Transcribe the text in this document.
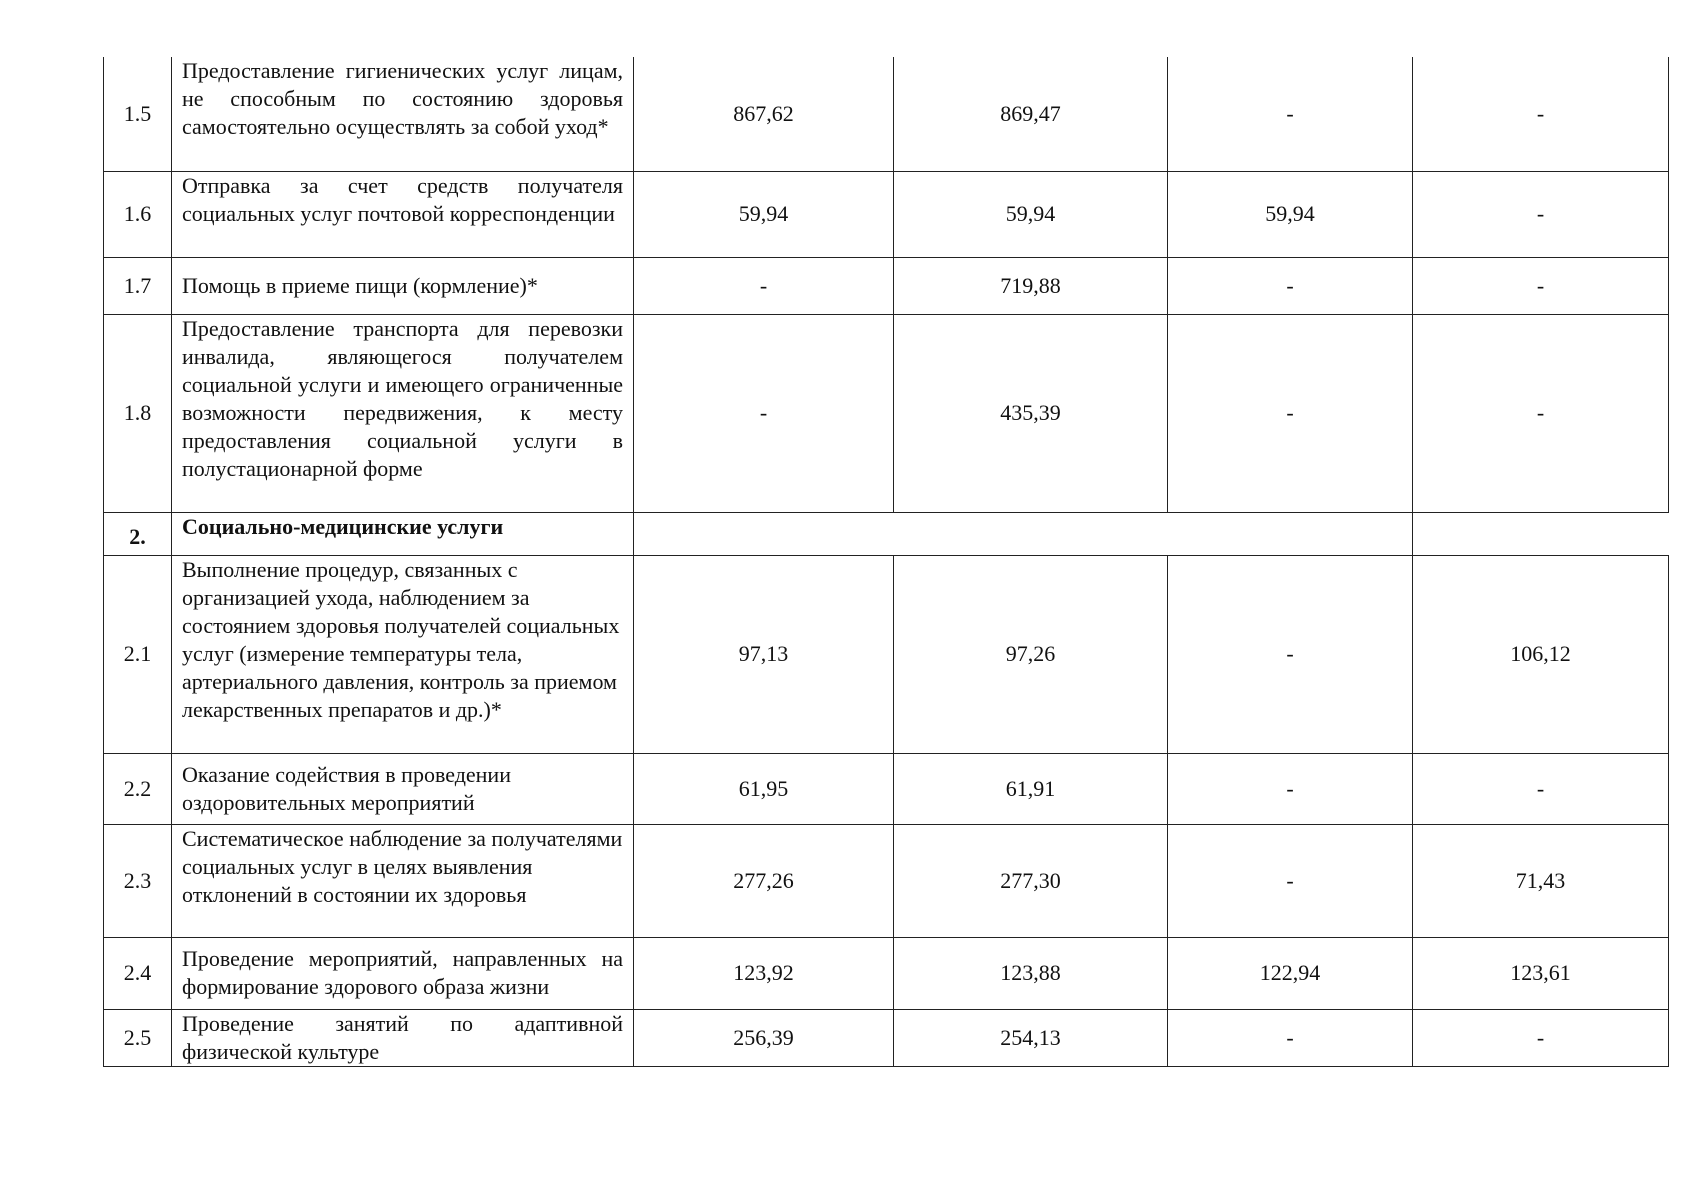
1.5	Предоставление гигиенических услуг лицам, не способным по состоянию здоровья самостоятельно осуществлять за собой уход*	867,62	869,47	-	-
1.6	Отправка за счет средств получателя социальных услуг почтовой корреспонденции	59,94	59,94	59,94	-
1.7	Помощь в приеме пищи (кормление)*	-	719,88	-	-
1.8	Предоставление транспорта для перевозки инвалида, являющегося получателем социальной услуги и имеющего ограниченные возможности передвижения, к месту предоставления социальной услуги в полустационарной форме	-	435,39	-	-
2.	Социально-медицинские услуги				
2.1	Выполнение процедур, связанных с организацией ухода, наблюдением за состоянием здоровья получателей социальных услуг (измерение температуры тела, артериального давления, контроль за приемом лекарственных препаратов и др.)*	97,13	97,26	-	106,12
2.2	Оказание содействия в проведении оздоровительных мероприятий	61,95	61,91	-	-
2.3	Систематическое наблюдение за получателями социальных услуг в целях выявления отклонений в состоянии их здоровья	277,26	277,30	-	71,43
2.4	Проведение мероприятий, направленных на формирование здорового образа жизни	123,92	123,88	122,94	123,61
2.5	Проведение занятий по адаптивной физической культуре	256,39	254,13	-	-
